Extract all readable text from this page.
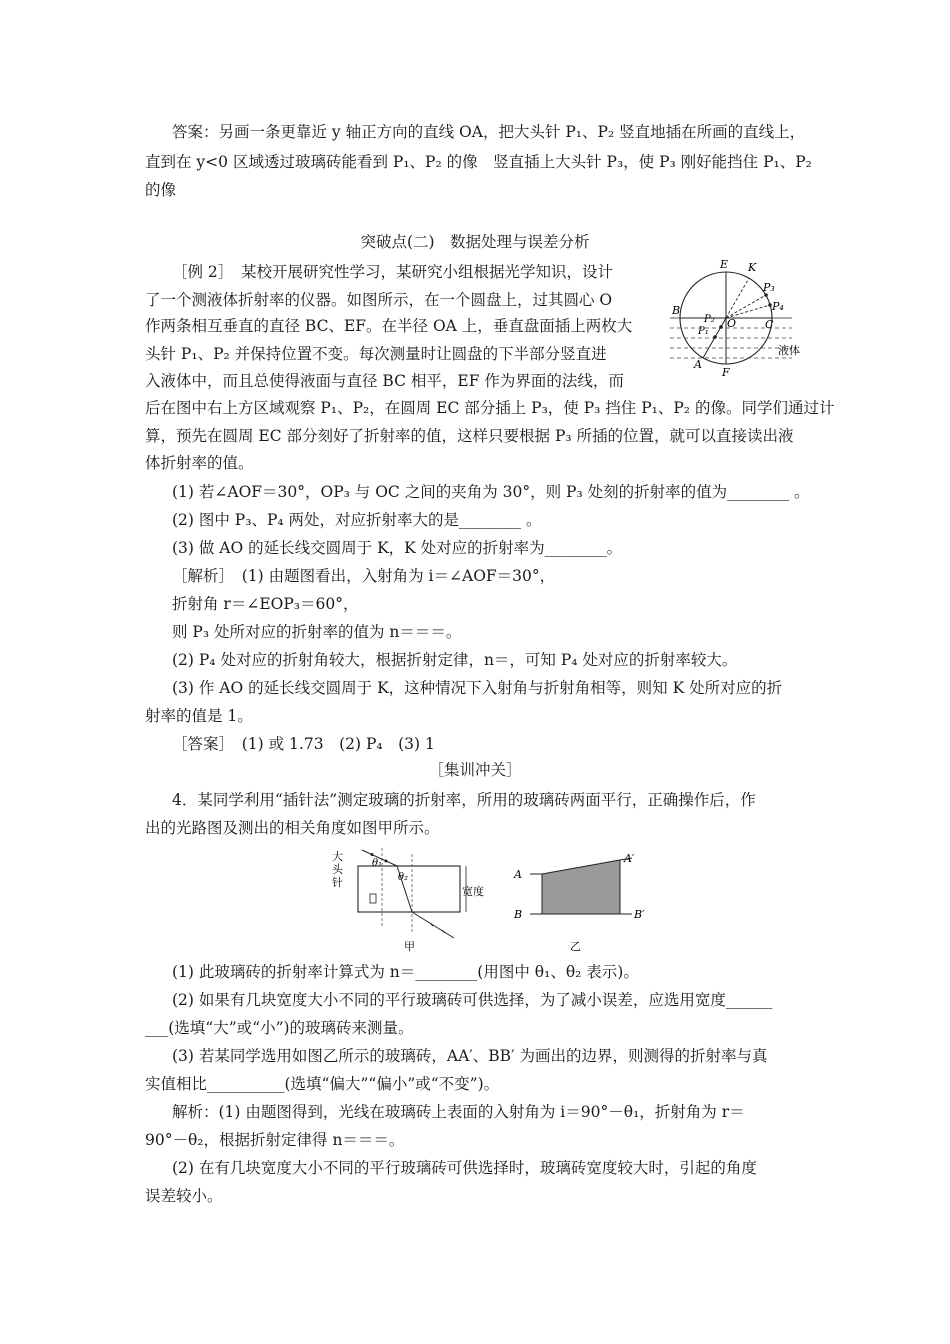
答案：另画一条更靠近 y 轴正方向的直线 OA，把大头针 P₁、P₂ 竖直地插在所画的直线上，
直到在 y<0 区域透过玻璃砖能看到 P₁、P₂ 的像　竖直插上大头针 P₃，使 P₃ 刚好能挡住 P₁、P₂
的像
突破点(二)　数据处理与误差分析
［例 2］　某校开展研究性学习，某研究小组根据光学知识，设计
了一个测液体折射率的仪器。如图所示，在一个圆盘上，过其圆心 O
作两条相互垂直的直径 BC、EF。在半径 OA 上，垂直盘面插上两枚大
头针 P₁、P₂ 并保持位置不变。每次测量时让圆盘的下半部分竖直进
入液体中，而且总使得液面与直径 BC 相平，EF 作为界面的法线，而
后在图中右上方区域观察 P₁、P₂，在圆周 EC 部分插上 P₃，使 P₃ 挡住 P₁、P₂ 的像。同学们通过计
算，预先在圆周 EC 部分刻好了折射率的值，这样只要根据 P₃ 所插的位置，就可以直接读出液
体折射率的值。
(1) 若∠AOF＝30°，OP₃ 与 OC 之间的夹角为 30°，则 P₃ 处刻的折射率的值为________ 。
(2) 图中 P₃、P₄ 两处，对应折射率大的是________ 。
(3) 做 AO 的延长线交圆周于 K，K 处对应的折射率为________。
［解析］　(1) 由题图看出，入射角为 i＝∠AOF＝30°，
折射角 r＝∠EOP₃＝60°，
则 P₃ 处所对应的折射率的值为 n＝＝＝。
(2) P₄ 处对应的折射角较大，根据折射定律，n＝，可知 P₄ 处对应的折射率较大。
(3) 作 AO 的延长线交圆周于 K，这种情况下入射角与折射角相等，则知 K 处所对应的折
射率的值是 1。
［答案］　(1) 或 1.73　(2) P₄　(3) 1
［集训冲关］
4．某同学利用“插针法”测定玻璃的折射率，所用的玻璃砖两面平行，正确操作后，作
出的光路图及测出的相关角度如图甲所示。
(1) 此玻璃砖的折射率计算式为 n＝________(用图中 θ₁、θ₂ 表示)。
(2) 如果有几块宽度大小不同的平行玻璃砖可供选择，为了减小误差，应选用宽度______
___(选填“大”或“小”)的玻璃砖来测量。
(3) 若某同学选用如图乙所示的玻璃砖，AA′、BB′ 为画出的边界，则测得的折射率与真
实值相比__________(选填“偏大”“偏小”或“不变”)。
解析：(1) 由题图得到，光线在玻璃砖上表面的入射角为 i＝90°－θ₁，折射角为 r＝
90°－θ₂，根据折射定律得 n＝＝＝。
(2) 在有几块宽度大小不同的平行玻璃砖可供选择时，玻璃砖宽度较大时，引起的角度
误差较小。
E K
P₃
P₄
B
P₂ O	C
P₁
A
F
液体
大
头
针
θ₁
θ₂
宽度
甲
A
A′
B	B′
乙
